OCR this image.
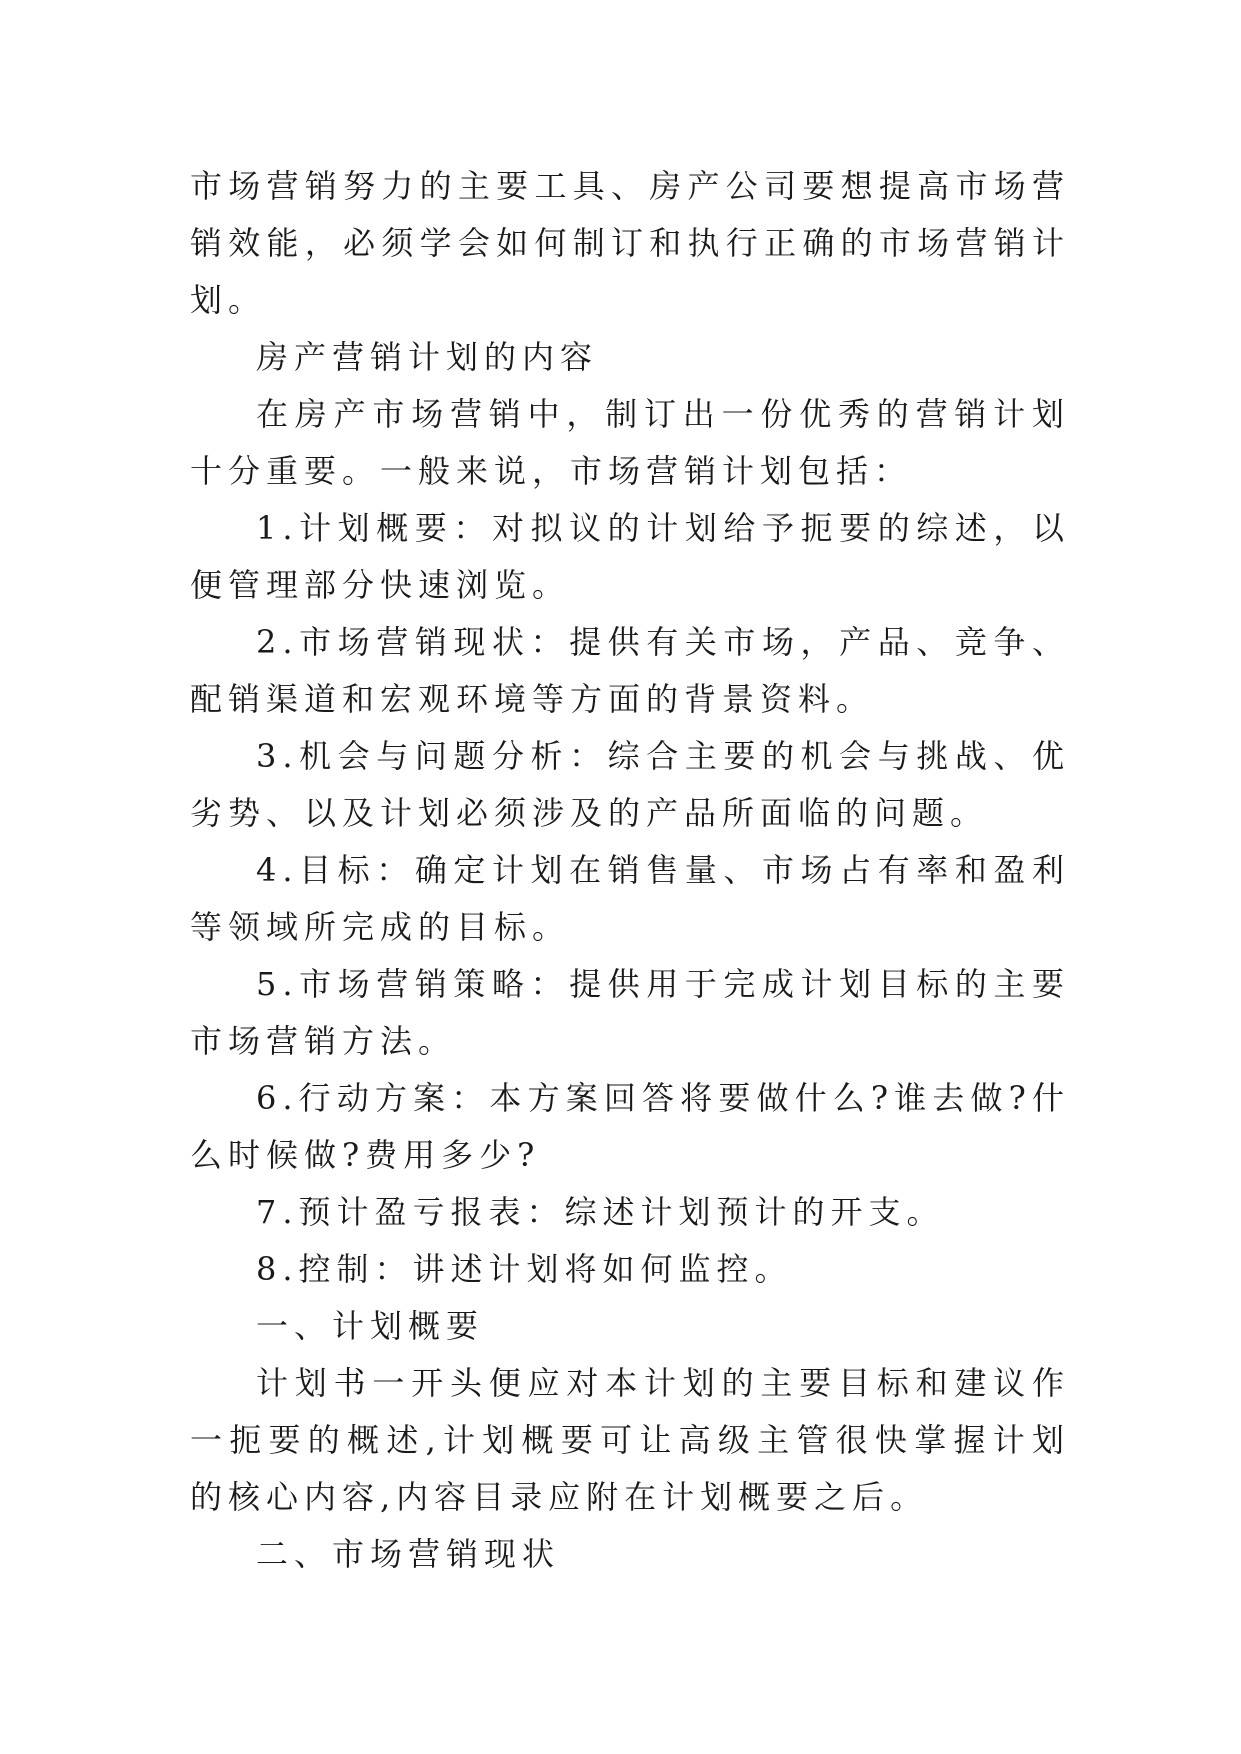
市场营销努力的主要工具、房产公司要想提高市场营销效能，必须学会如何制订和执行正确的市场营销计划。

房产营销计划的内容

在房产市场营销中，制订出一份优秀的营销计划十分重要。一般来说，市场营销计划包括：

1.计划概要：对拟议的计划给予扼要的综述，以便管理部分快速浏览。

2.市场营销现状：提供有关市场，产品、竞争、配销渠道和宏观环境等方面的背景资料。

3.机会与问题分析：综合主要的机会与挑战、优劣势、以及计划必须涉及的产品所面临的问题。

4.目标：确定计划在销售量、市场占有率和盈利等领域所完成的目标。

5.市场营销策略：提供用于完成计划目标的主要市场营销方法。

6.行动方案：本方案回答将要做什么?谁去做?什么时候做?费用多少?

7.预计盈亏报表：综述计划预计的开支。

8.控制：讲述计划将如何监控。

一、计划概要

计划书一开头便应对本计划的主要目标和建议作一扼要的概述,计划概要可让高级主管很快掌握计划的核心内容,内容目录应附在计划概要之后。

二、市场营销现状
